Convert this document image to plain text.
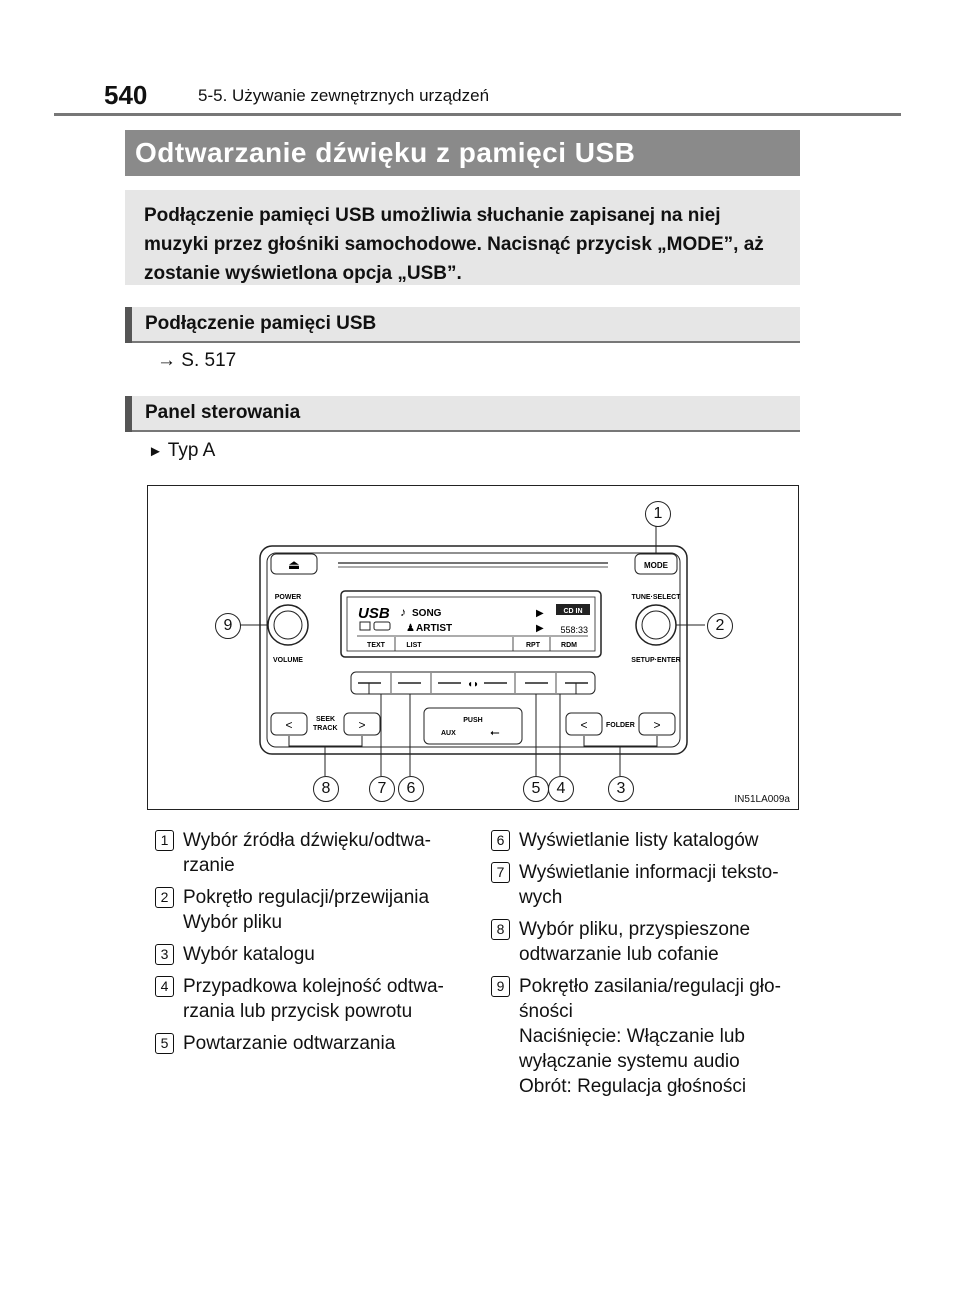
540	5-5. Używanie zewnętrznych urządzeń
Odtwarzanie dźwięku z pamięci USB

Podłączenie pamięci USB umożliwia słuchanie zapisanej na niej muzyki przez głośniki samochodowe. Nacisnąć przycisk „MODE”, aż zostanie wyświetlona opcja „USB”.

Podłączenie pamięci USB
→ S. 517
Panel sterowania
► Typ A
⏏	MODE
POWER
VOLUME
TUNE·SELECT
SETUP·ENTER
USB ♪ SONG
♟ ARTIST
▶
▶
CD IN
558:33
TEXT	LIST	RPT	RDM
◖◗
<	>
SEEK
TRACK
PUSH
AUX	⭠	<	>
FOLDER
1
2
3
4
5
6
7
8
9
IN51LA009a
1 Wybór źródła dźwięku/odtwa-
rzanie
2 Pokrętło regulacji/przewijania
Wybór pliku
3 Wybór katalogu
4 Przypadkowa kolejność odtwa-
rzania lub przycisk powrotu
5 Powtarzanie odtwarzania
6 Wyświetlanie listy katalogów
7 Wyświetlanie informacji teksto-
wych
8 Wybór pliku, przyspieszone
odtwarzanie lub cofanie
9 Pokrętło zasilania/regulacji gło-
śności
Naciśnięcie: Włączanie lub
wyłączanie systemu audio
Obrót: Regulacja głośności
